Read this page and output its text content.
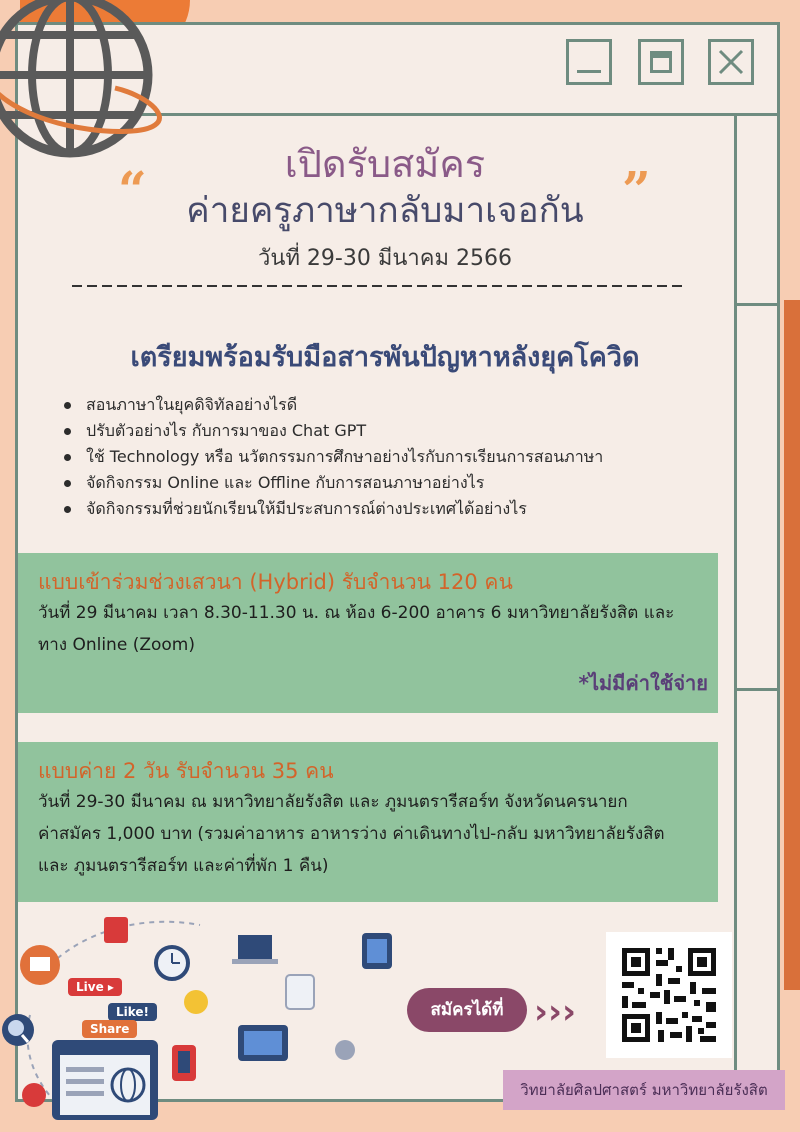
เปิดรับสมัคร
“	ค่ายครูภาษากลับมาเจอกัน ”
วันที่ 29-30 มีนาคม 2566
เตรียมพร้อมรับมือสารพันปัญหาหลังยุคโควิด
สอนภาษาในยุคดิจิทัลอย่างไรดี
ปรับตัวอย่างไร กับการมาของ Chat GPT
ใช้ Technology หรือ นวัตกรรมการศึกษาอย่างไรกับการเรียนการสอนภาษา
จัดกิจกรรม Online และ Offline กับการสอนภาษาอย่างไร
จัดกิจกรรมที่ช่วยนักเรียนให้มีประสบการณ์ต่างประเทศได้อย่างไร
แบบเข้าร่วมช่วงเสวนา (Hybrid) รับจำนวน 120 คน
วันที่ 29 มีนาคม เวลา 8.30-11.30 น. ณ ห้อง 6-200 อาคาร 6 มหาวิทยาลัยรังสิต และ
ทาง Online (Zoom)
*ไม่มีค่าใช้จ่าย
แบบค่าย 2 วัน รับจำนวน 35 คน
วันที่ 29-30 มีนาคม ณ มหาวิทยาลัยรังสิต และ ภูมนตรารีสอร์ท จังหวัดนครนายก
ค่าสมัคร 1,000 บาท (รวมค่าอาหาร อาหารว่าง ค่าเดินทางไป-กลับ มหาวิทยาลัยรังสิต
และ ภูมนตรารีสอร์ท และค่าที่พัก 1 คืน)
Live ▸
Like!
Share
สมัครได้ที่ ›››
วิทยาลัยศิลปศาสตร์ มหาวิทยาลัยรังสิต
